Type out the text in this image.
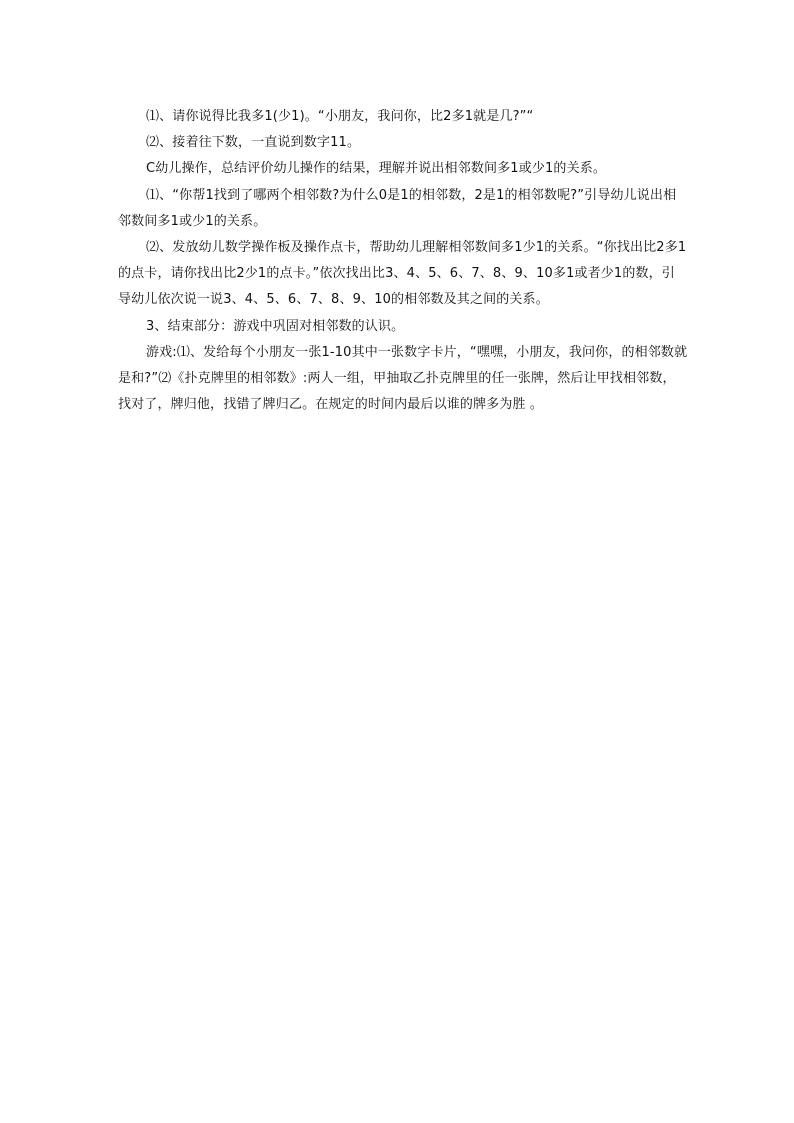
⑴、请你说得比我多1(少1)。“小朋友，我问你，比2多1就是几?”“

⑵、接着往下数，一直说到数字11。

C幼儿操作，总结评价幼儿操作的结果，理解并说出相邻数间多1或少1的关系。

⑴、“你帮1找到了哪两个相邻数?为什么0是1的相邻数，2是1的相邻数呢?”引导幼儿说出相邻数间多1或少1的关系。

⑵、发放幼儿数学操作板及操作点卡，帮助幼儿理解相邻数间多1少1的关系。“你找出比2多1的点卡，请你找出比2少1的点卡。”依次找出比3、4、5、6、7、8、9、10多1或者少1的数，引导幼儿依次说一说3、4、5、6、7、8、9、10的相邻数及其之间的关系。

3、结束部分：游戏中巩固对相邻数的认识。

游戏:⑴、发给每个小朋友一张1-10其中一张数字卡片，“嘿嘿，小朋友，我问你，的相邻数就是和?”⑵《扑克牌里的相邻数》:两人一组，甲抽取乙扑克牌里的任一张牌，然后让甲找相邻数，找对了，牌归他，找错了牌归乙。在规定的时间内最后以谁的牌多为胜 。
